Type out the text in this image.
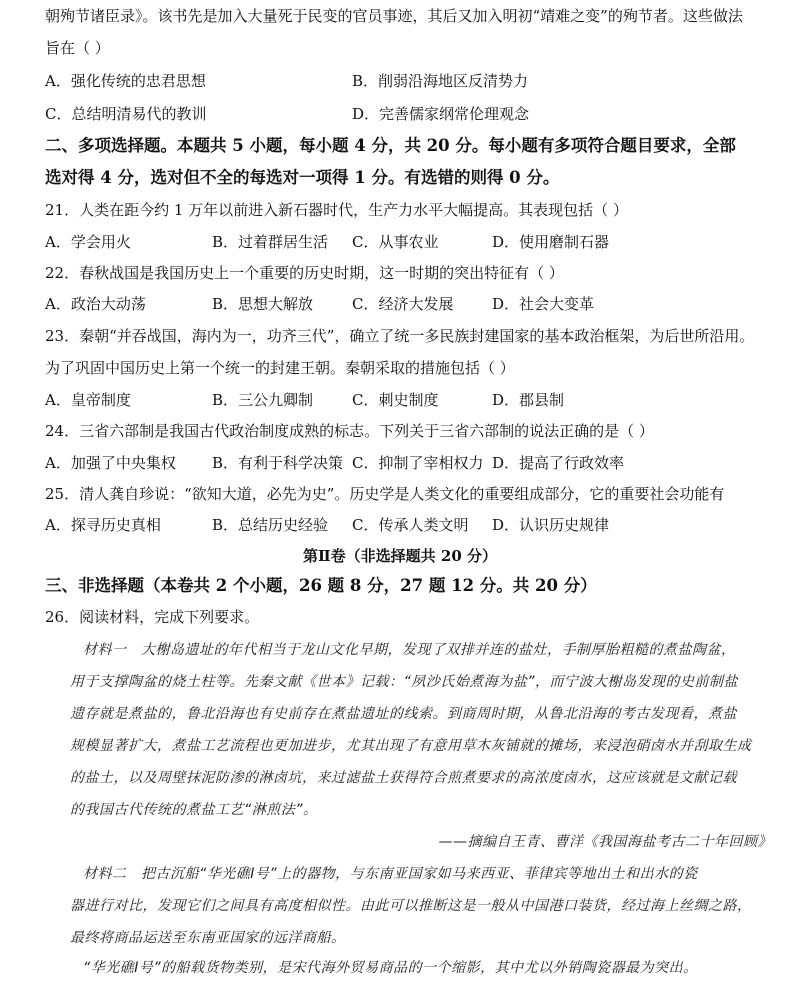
朝殉节诸臣录》。该书先是加入大量死于民变的官员事迹，其后又加入明初“靖难之变”的殉节者。这些做法
旨在（ ）
A．强化传统的忠君思想	B．削弱沿海地区反清势力
C．总结明清易代的教训	D．完善儒家纲常伦理观念
二、多项选择题。本题共 5 小题，每小题 4 分，共 20 分。每小题有多项符合题目要求，全部
选对得 4 分，选对但不全的每选对一项得 1 分。有选错的则得 0 分。
21．人类在距今约 1 万年以前进入新石器时代，生产力水平大幅提高。其表现包括（ ）
A．学会用火	B．过着群居生活 C．从事农业	D．使用磨制石器
22．春秋战国是我国历史上一个重要的历史时期，这一时期的突出特征有（ ）
A．政治大动荡	B．思想大解放	C．经济大发展	D．社会大变革
23．秦朝“并吞战国，海内为一，功齐三代”，确立了统一多民族封建国家的基本政治框架，为后世所沿用。
为了巩固中国历史上第一个统一的封建王朝。秦朝采取的措施包括（ ）
A．皇帝制度	B．三公九卿制	C．刺史制度	D．郡县制
24．三省六部制是我国古代政治制度成熟的标志。下列关于三省六部制的说法正确的是（ ）
A．加强了中央集权 B．有利于科学决策 C．抑制了宰相权力 D．提高了行政效率
25．清人龚自珍说：“欲知大道，必先为史”。历史学是人类文化的重要组成部分，它的重要社会功能有
A．探寻历史真相	B．总结历史经验 C．传承人类文明 D．认识历史规律
第Ⅱ卷（非选择题共 20 分）
三、非选择题（本卷共 2 个小题，26 题 8 分，27 题 12 分。共 20 分）
26．阅读材料，完成下列要求。
材料一　大榭岛遗址的年代相当于龙山文化早期，发现了双排并连的盐灶，手制厚胎粗糙的煮盐陶盆，
用于支撑陶盆的烧土柱等。先秦文献《世本》记载：“夙沙氏始煮海为盐”，而宁波大榭岛发现的史前制盐
遗存就是煮盐的，鲁北沿海也有史前存在煮盐遗址的线索。到商周时期，从鲁北沿海的考古发现看，煮盐
规模显著扩大，煮盐工艺流程也更加进步，尤其出现了有意用草木灰铺就的摊场，来浸泡硝卤水并刮取生成
的盐土，以及周壁抹泥防渗的淋卤坑，来过滤盐土获得符合煎煮要求的高浓度卤水，这应该就是文献记载
的我国古代传统的煮盐工艺“淋煎法”。
——摘编自王青、曹洋《我国海盐考古二十年回顾》
材料二　把古沉船“华光礁Ⅰ号”上的器物，与东南亚国家如马来西亚、菲律宾等地出土和出水的瓷
器进行对比，发现它们之间具有高度相似性。由此可以推断这是一般从中国港口装货，经过海上丝绸之路，
最终将商品运送至东南亚国家的远洋商船。
“华光礁Ⅰ号”的船载货物类别，是宋代海外贸易商品的一个缩影，其中尤以外销陶瓷器最为突出。
